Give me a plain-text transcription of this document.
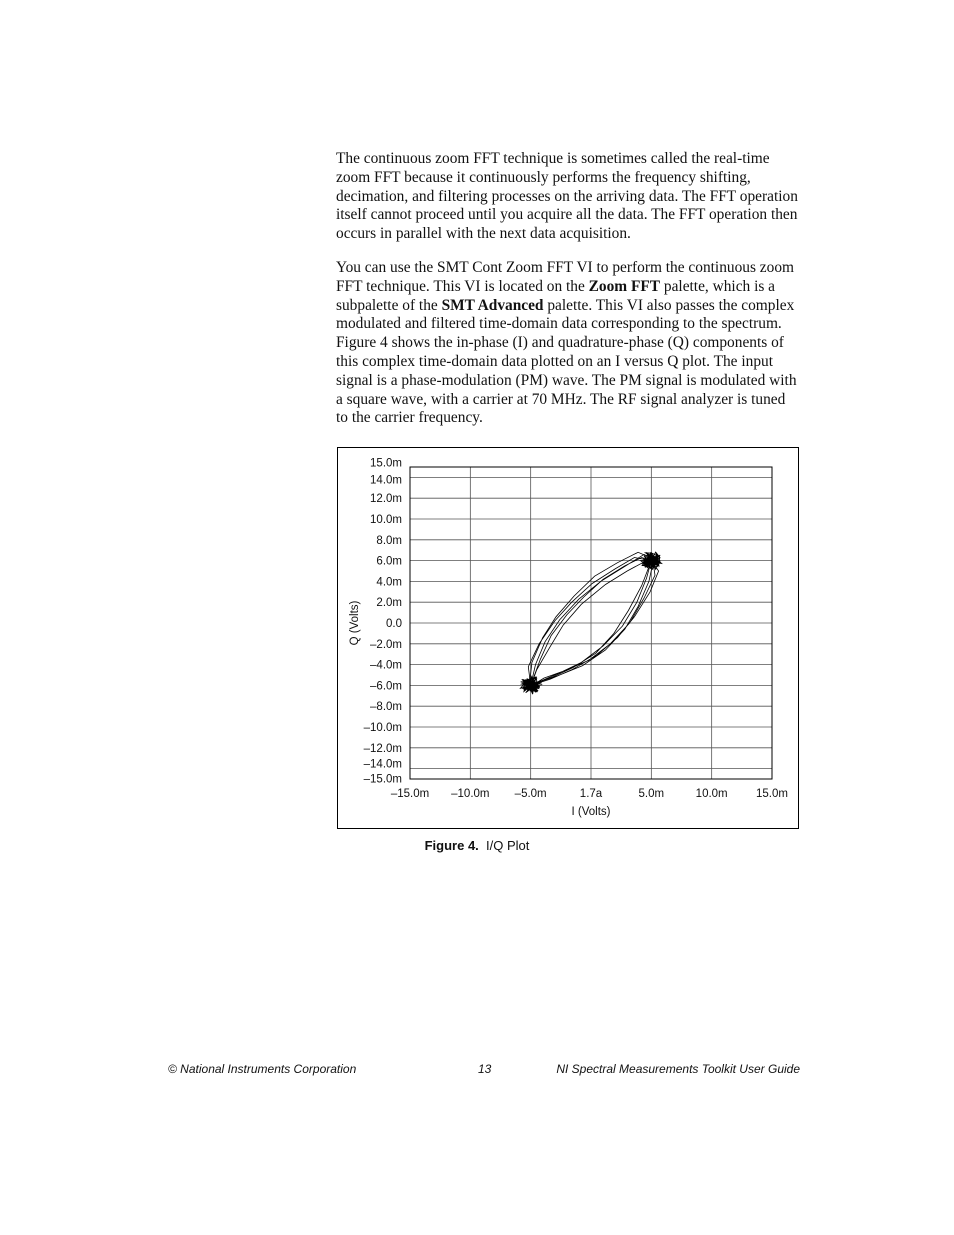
The continuous zoom FFT technique is sometimes called the real-time zoom FFT because it continuously performs the frequency shifting, decimation, and filtering processes on the arriving data. The FFT operation itself cannot proceed until you acquire all the data. The FFT operation then occurs in parallel with the next data acquisition.

You can use the SMT Cont Zoom FFT VI to perform the continuous zoom FFT technique. This VI is located on the Zoom FFT palette, which is a subpalette of the SMT Advanced palette. This VI also passes the complex modulated and filtered time-domain data corresponding to the spectrum. Figure 4 shows the in-phase (I) and quadrature-phase (Q) components of this complex time-domain data plotted on an I versus Q plot. The input signal is a phase-modulation (PM) wave. The PM signal is modulated with a square wave, with a carrier at 70 MHz. The RF signal analyzer is tuned to the carrier frequency.

15.0m
14.0m
12.0m
10.0m
8.0m
6.0m
4.0m
2.0m
0.0
–2.0m
–4.0m
–6.0m
–8.0m
–10.0m
–12.0m
–14.0m
–15.0m
–15.0m –10.0m –5.0m	1.7a	5.0m	10.0m 15.0m
I (Volts)
Q (Volts)
Figure 4. I/Q Plot
© National Instruments Corporation	13	NI Spectral Measurements Toolkit User Guide
